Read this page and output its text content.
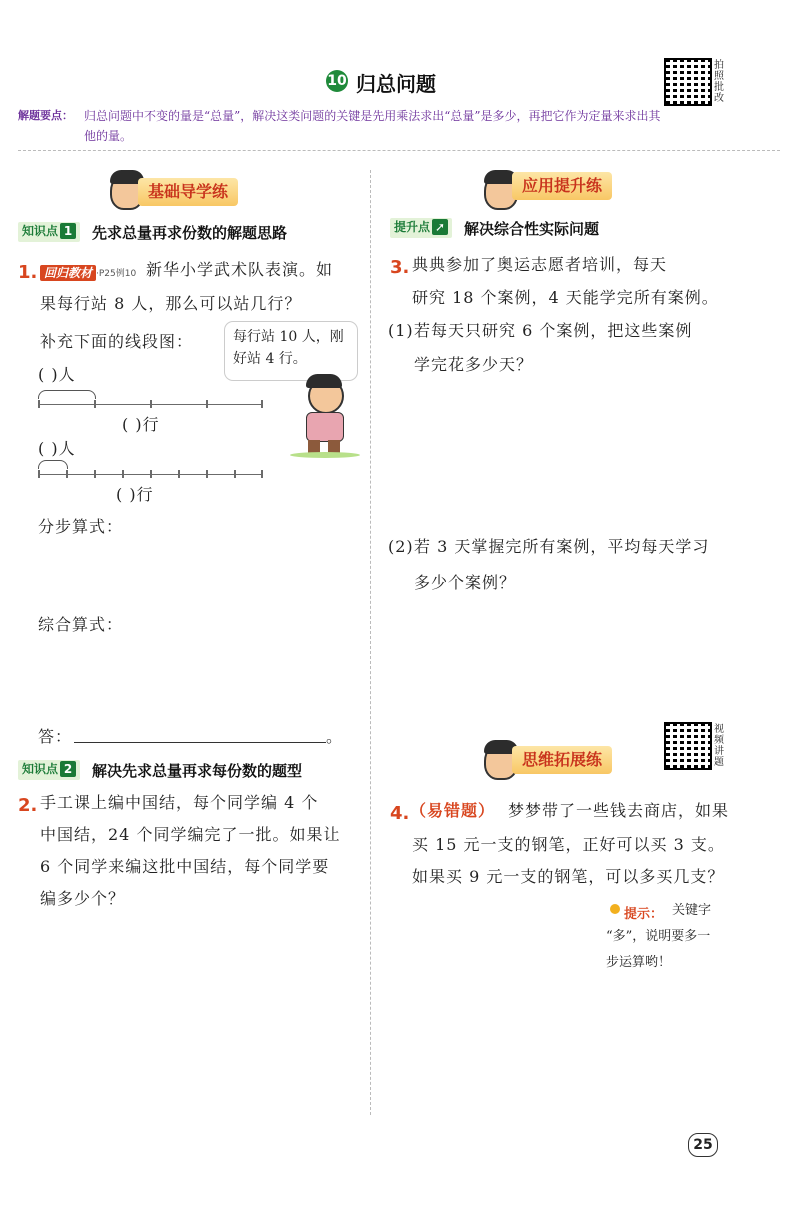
10 归总问题
拍照批改
解题要点： 归总问题中不变的量是“总量”，解决这类问题的关键是先用乘法求出“总量”是多少，再把它作为定量来求出其他的量。
基础导学练
知识点 1	先求总量再求份数的解题思路
1. 回归教材 ·P25例10 新华小学武术队表演。如
果每行站 8 人，那么可以站几行？
补充下面的线段图：	每行站 10 人，刚好站 4 行。
( )人
( )行
( )人
( )行
分步算式：
综合算式：
答：	。
知识点 2	解决先求总量再求每份数的题型
2. 手工课上编中国结，每个同学编 4 个
中国结，24 个同学编完了一批。如果让
6 个同学来编这批中国结，每个同学要
编多少个？
应用提升练
提升点 ➚	解决综合性实际问题
3. 典典参加了奥运志愿者培训，每天
研究 18 个案例，4 天能学完所有案例。
(1) 若每天只研究 6 个案例，把这些案例
学完花多少天？
(2) 若 3 天掌握完所有案例，平均每天学习
多少个案例？
思维拓展练
视频讲题
4. （易错题） 梦梦带了一些钱去商店，如果
买 15 元一支的钢笔，正好可以买 3 支。
如果买 9 元一支的钢笔，可以多买几支？
提示： 关键字
“多”，说明要多一
步运算哟！
25
